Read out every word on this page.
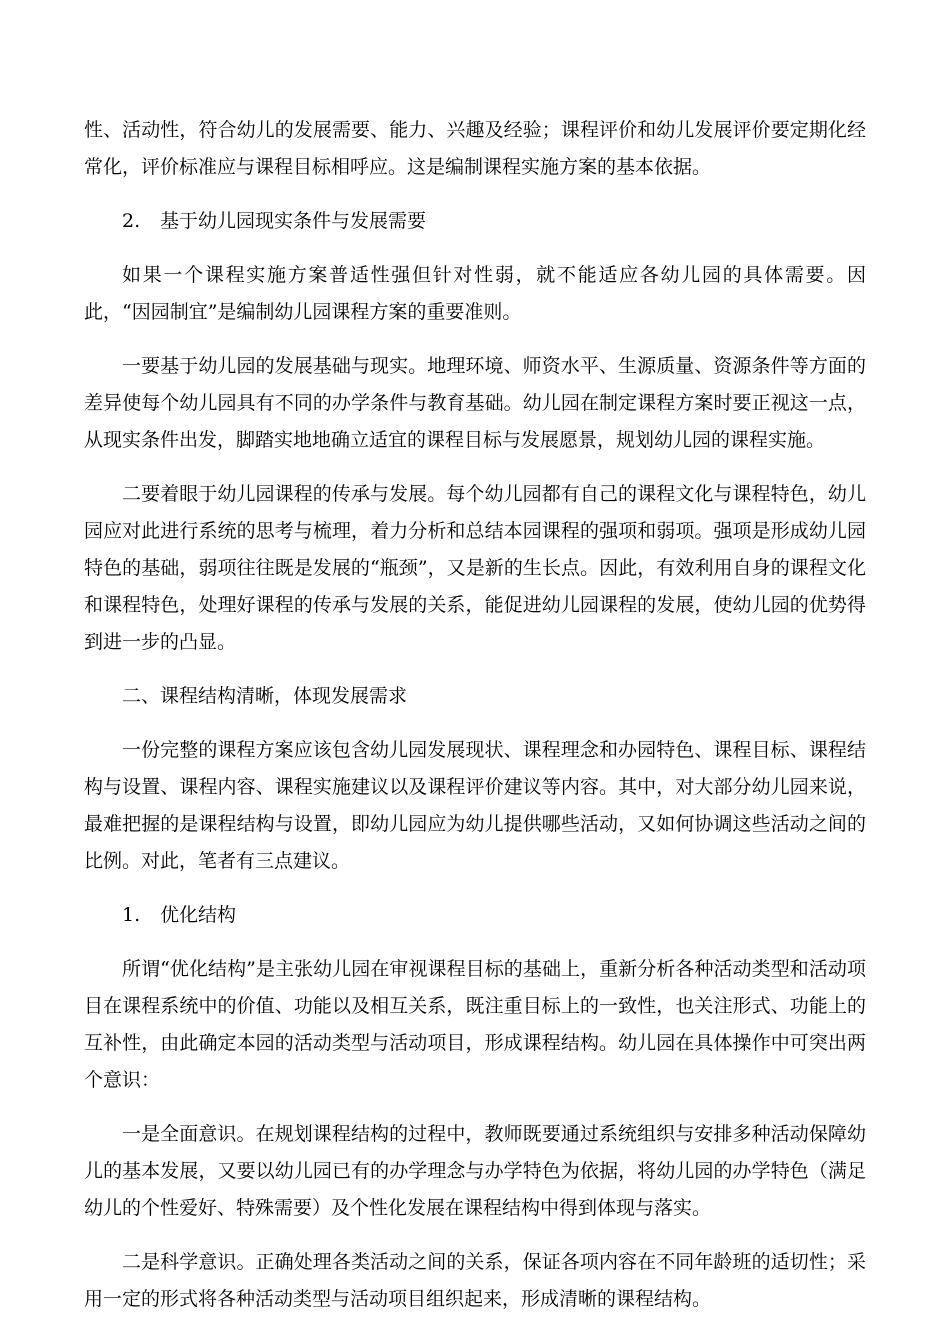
性、活动性，符合幼儿的发展需要、能力、兴趣及经验；课程评价和幼儿发展评价要定期化经常化，评价标准应与课程目标相呼应。这是编制课程实施方案的基本依据。

2. 基于幼儿园现实条件与发展需要

如果一个课程实施方案普适性强但针对性弱，就不能适应各幼儿园的具体需要。因此，“因园制宜”是编制幼儿园课程方案的重要准则。

一要基于幼儿园的发展基础与现实。地理环境、师资水平、生源质量、资源条件等方面的差异使每个幼儿园具有不同的办学条件与教育基础。幼儿园在制定课程方案时要正视这一点，从现实条件出发，脚踏实地地确立适宜的课程目标与发展愿景，规划幼儿园的课程实施。

二要着眼于幼儿园课程的传承与发展。每个幼儿园都有自己的课程文化与课程特色，幼儿园应对此进行系统的思考与梳理，着力分析和总结本园课程的强项和弱项。强项是形成幼儿园特色的基础，弱项往往既是发展的“瓶颈”，又是新的生长点。因此，有效利用自身的课程文化和课程特色，处理好课程的传承与发展的关系，能促进幼儿园课程的发展，使幼儿园的优势得到进一步的凸显。

二、课程结构清晰，体现发展需求

一份完整的课程方案应该包含幼儿园发展现状、课程理念和办园特色、课程目标、课程结构与设置、课程内容、课程实施建议以及课程评价建议等内容。其中，对大部分幼儿园来说，最难把握的是课程结构与设置，即幼儿园应为幼儿提供哪些活动，又如何协调这些活动之间的比例。对此，笔者有三点建议。

1. 优化结构

所谓“优化结构”是主张幼儿园在审视课程目标的基础上，重新分析各种活动类型和活动项目在课程系统中的价值、功能以及相互关系，既注重目标上的一致性，也关注形式、功能上的互补性，由此确定本园的活动类型与活动项目，形成课程结构。幼儿园在具体操作中可突出两个意识：

一是全面意识。在规划课程结构的过程中，教师既要通过系统组织与安排多种活动保障幼儿的基本发展，又要以幼儿园已有的办学理念与办学特色为依据，将幼儿园的办学特色（满足幼儿的个性爱好、特殊需要）及个性化发展在课程结构中得到体现与落实。

二是科学意识。正确处理各类活动之间的关系，保证各项内容在不同年龄班的适切性；采用一定的形式将各种活动类型与活动项目组织起来，形成清晰的课程结构。
